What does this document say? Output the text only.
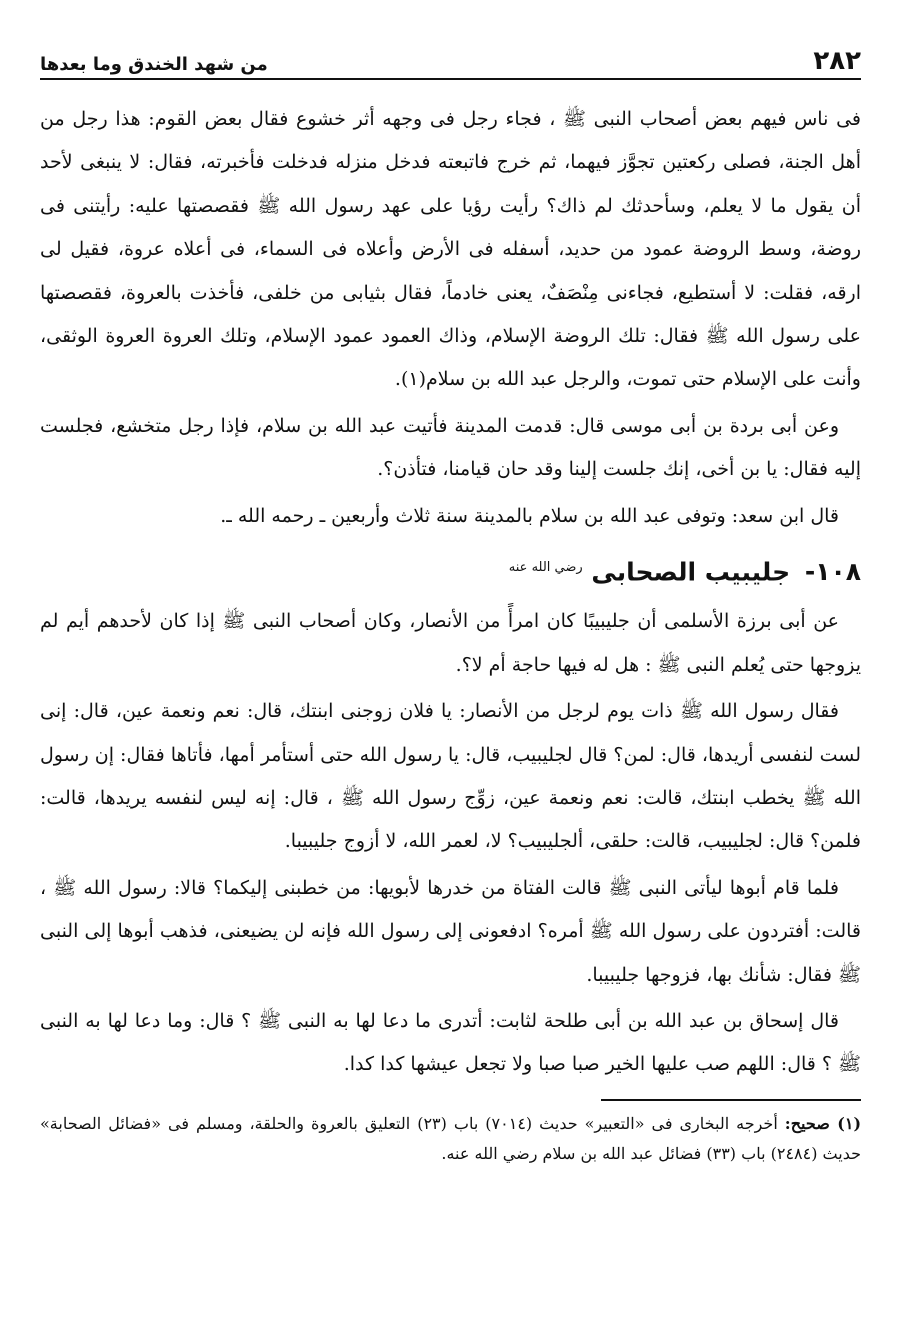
٢٨٢
من شهد الخندق وما بعدها

فى ناس فيهم بعض أصحاب النبى ﷺ ، فجاء رجل فى وجهه أثر خشوع فقال بعض القوم: هذا رجل من أهل الجنة، فصلى ركعتين تجوَّز فيهما، ثم خرج فاتبعته فدخل منزله فدخلت فأخبرته، فقال: لا ينبغى لأحد أن يقول ما لا يعلم، وسأحدثك لم ذاك؟ رأيت رؤيا على عهد رسول الله ﷺ فقصصتها عليه: رأيتنى فى روضة، وسط الروضة عمود من حديد، أسفله فى الأرض وأعلاه فى السماء، فى أعلاه عروة، فقيل لى ارقه، فقلت: لا أستطيع، فجاءنى مِنْصَفٌ، يعنى خادماً، فقال بثيابى من خلفى، فأخذت بالعروة، فقصصتها على رسول الله ﷺ فقال: تلك الروضة الإسلام، وذاك العمود عمود الإسلام، وتلك العروة العروة الوثقى، وأنت على الإسلام حتى تموت، والرجل عبد الله بن سلام(١).

وعن أبى بردة بن أبى موسى قال: قدمت المدينة فأتيت عبد الله بن سلام، فإذا رجل متخشع، فجلست إليه فقال: يا بن أخى، إنك جلست إلينا وقد حان قيامنا، فتأذن؟.

قال ابن سعد: وتوفى عبد الله بن سلام بالمدينة سنة ثلاث وأربعين ـ رحمه الله ـ.

١٠٨- جليبيب الصحابى $^{رضي الله عنه}$

عن أبى برزة الأسلمى أن جليبيبًا كان امرأً من الأنصار، وكان أصحاب النبى ﷺ إذا كان لأحدهم أيم لم يزوجها حتى يُعلم النبى ﷺ : هل له فيها حاجة أم لا؟.

فقال رسول الله ﷺ ذات يوم لرجل من الأنصار: يا فلان زوجنى ابنتك، قال: نعم ونعمة عين، قال: إنى لست لنفسى أريدها، قال: لمن؟ قال لجليبيب، قال: يا رسول الله حتى أستأمر أمها، فأتاها فقال: إن رسول الله ﷺ يخطب ابنتك، قالت: نعم ونعمة عين، زوِّج رسول الله ﷺ ، قال: إنه ليس لنفسه يريدها، قالت: فلمن؟ قال: لجليبيب، قالت: حلقى، ألجليبيب؟ لا، لعمر الله، لا أزوج جليبيبا.

فلما قام أبوها ليأتى النبى ﷺ قالت الفتاة من خدرها لأبويها: من خطبنى إليكما؟ قالا: رسول الله ﷺ ، قالت: أفتردون على رسول الله ﷺ أمره؟ ادفعونى إلى رسول الله فإنه لن يضيعنى، فذهب أبوها إلى النبى ﷺ فقال: شأنك بها، فزوجها جليبيبا.

قال إسحاق بن عبد الله بن أبى طلحة لثابت: أتدرى ما دعا لها به النبى ﷺ ؟ قال: وما دعا لها به النبى ﷺ ؟ قال: اللهم صب عليها الخير صبا صبا ولا تجعل عيشها كدا كدا.

(١) صحيح: أخرجه البخارى فى «التعبير» حديث (٧٠١٤) باب (٢٣) التعليق بالعروة والحلقة، ومسلم فى «فضائل الصحابة» حديث (٢٤٨٤) باب (٣٣) فضائل عبد الله بن سلام رضي الله عنه.
